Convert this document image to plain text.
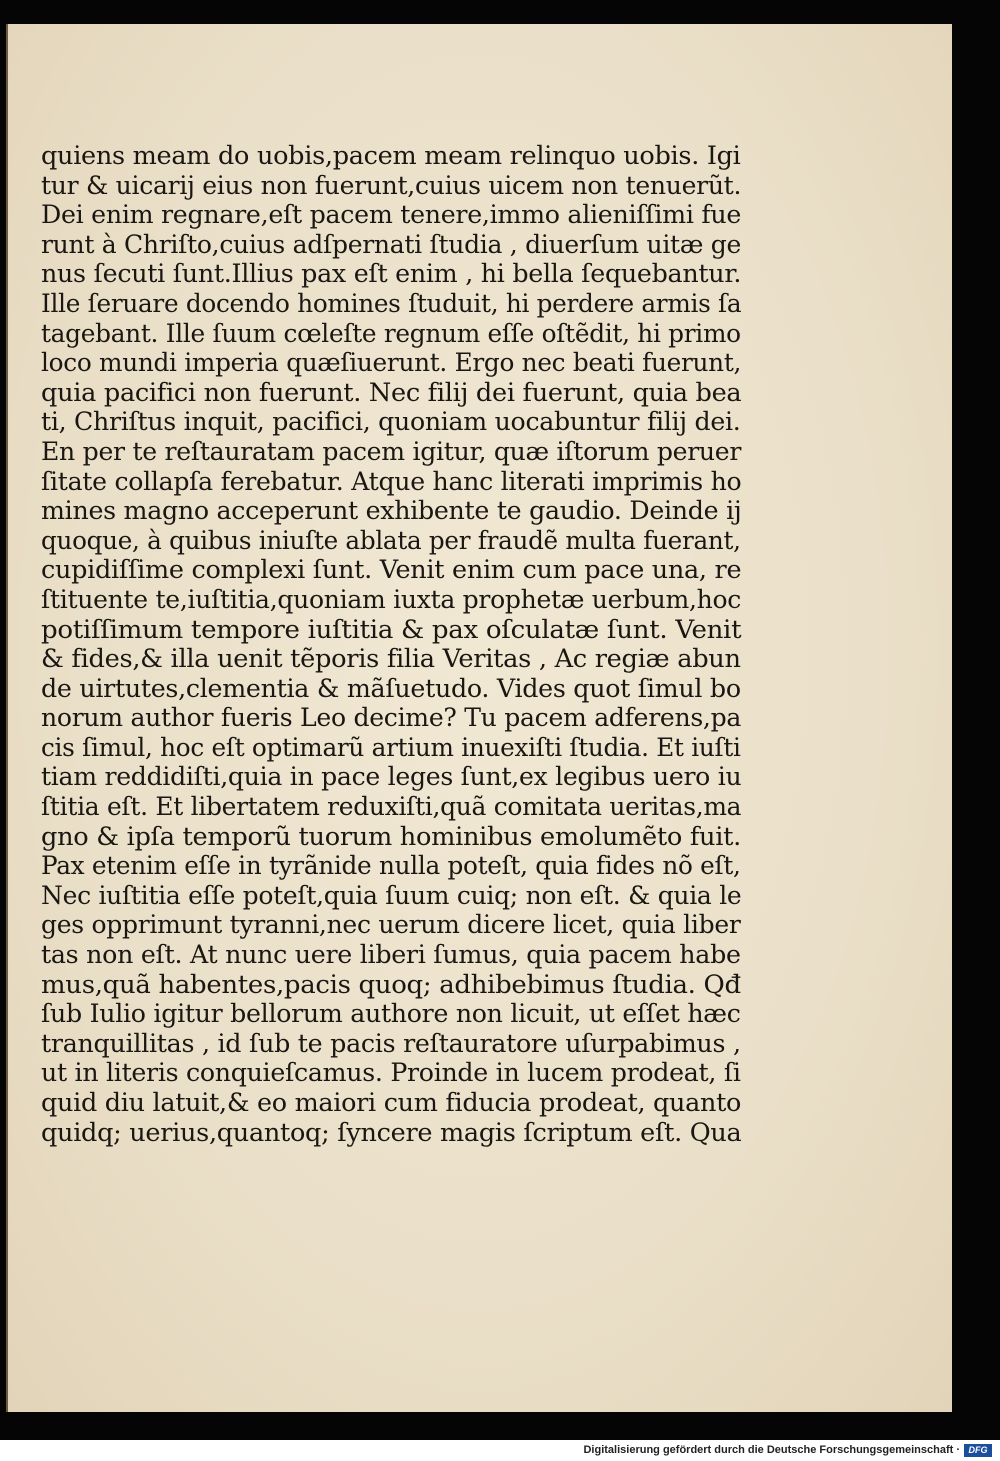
quiens meam do uobis,pacem meam relinquo uobis. Igi
tur & uicarij eius non fuerunt,cuius uicem non tenuerũt.
Dei enim regnare,eſt pacem tenere,immo alieniſſimi fue
runt à Chriſto,cuius adſpernati ſtudia , diuerſum uitæ ge
nus ſecuti ſunt.Illius pax eſt enim , hi bella ſequebantur.
Ille ſeruare docendo homines ſtuduit, hi perdere armis ſa
tagebant. Ille ſuum cœleſte regnum eſſe oſtẽdit, hi primo
loco mundi imperia quæſiuerunt. Ergo nec beati fuerunt,
quia pacifici non fuerunt. Nec filij dei fuerunt, quia bea
ti, Chriſtus inquit, pacifici, quoniam uocabuntur filij dei.
En per te reſtauratam pacem igitur, quæ iſtorum peruer
ſitate collapſa ferebatur. Atque hanc literati imprimis ho
mines magno acceperunt exhibente te gaudio. Deinde ij
quoque, à quibus iniuſte ablata per fraudẽ multa fuerant,
cupidiſſime complexi ſunt. Venit enim cum pace una, re
ſtituente te,iuſtitia,quoniam iuxta prophetæ uerbum,hoc
potiſſimum tempore iuſtitia & pax oſculatæ ſunt. Venit
& fides,& illa uenit tẽporis filia Veritas , Ac regiæ abun
de uirtutes,clementia & mãſuetudo. Vides quot ſimul bo
norum author fueris Leo decime? Tu pacem adferens,pa
cis ſimul, hoc eſt optimarũ artium inuexiſti ſtudia. Et iuſti
tiam reddidiſti,quia in pace leges ſunt,ex legibus uero iu
ſtitia eſt. Et libertatem reduxiſti,quã comitata ueritas,ma
gno & ipſa temporũ tuorum hominibus emolumẽto fuit.
Pax etenim eſſe in tyrãnide nulla poteſt, quia fides nõ eſt,
Nec iuſtitia eſſe poteſt,quia ſuum cuiq; non eſt. & quia le
ges opprimunt tyranni,nec uerum dicere licet, quia liber
tas non eſt. At nunc uere liberi ſumus, quia pacem habe
mus,quã habentes,pacis quoq; adhibebimus ſtudia. Qđ
ſub Iulio igitur bellorum authore non licuit, ut eſſet hæc
tranquillitas , id ſub te pacis reſtauratore uſurpabimus ,
ut in literis conquieſcamus. Proinde in lucem prodeat, ſi
quid diu latuit,& eo maiori cum fiducia prodeat, quanto
quidq; uerius,quantoq; ſyncere magis ſcriptum eſt. Qua
Digitalisierung gefördert durch die Deutsche Forschungsgemeinschaft · DFG
